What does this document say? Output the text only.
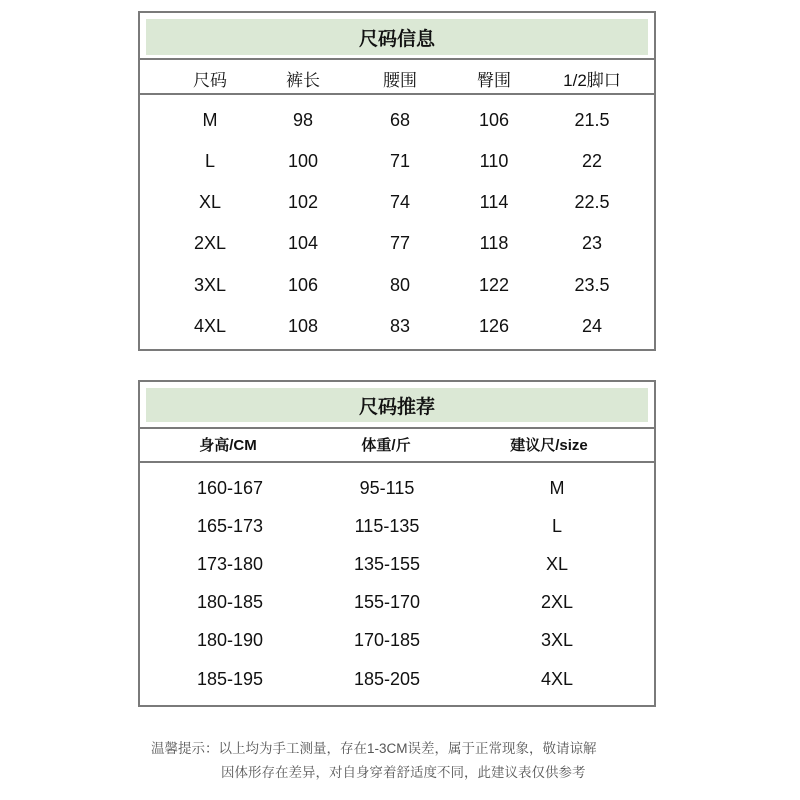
尺码信息
尺码	裤长	腰围	臀围	1/2脚口
M	98	68	106	21.5
L	100	71	110	22
XL	102	74	114	22.5
2XL	104	77	118	23
3XL	106	80	122	23.5
4XL	108	83	126	24
尺码推荐
身高/CM	体重/斤	建议尺/size
160-167	95-115	M
165-173	115-135	L
173-180	135-155	XL
180-185	155-170	2XL
180-190	170-185	3XL
185-195	185-205	4XL
温馨提示：以上均为手工测量，存在1-3CM误差，属于正常现象，敬请谅解
因体形存在差异，对自身穿着舒适度不同，此建议表仅供参考
